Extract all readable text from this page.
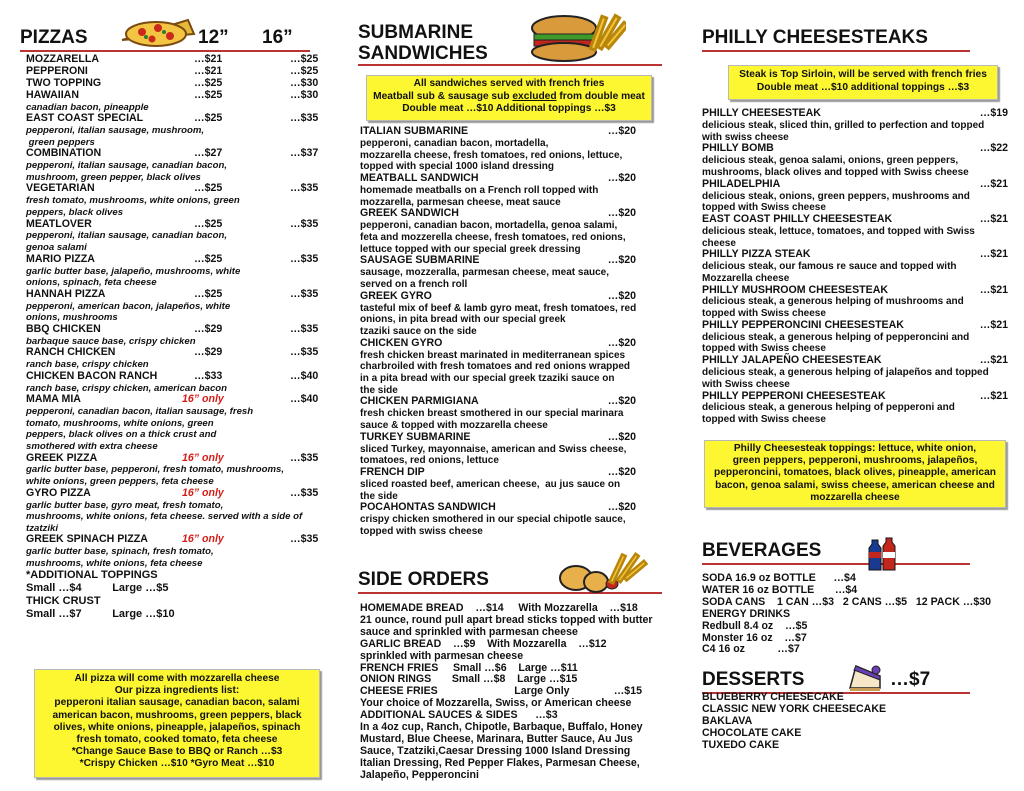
PIZZAS	12” 16”
MOZZARELLA	…$21	…$25
PEPPERONI	…$21	…$25
TWO TOPPING	…$25	…$30
HAWAIIAN	…$25	…$30
canadian bacon, pineapple
EAST COAST SPECIAL	…$25	…$35
pepperoni, italian sausage, mushroom,
green peppers
COMBINATION	…$27	…$37
pepperoni, italian sausage, canadian bacon,
mushroom, green pepper, black olives
VEGETARIAN	…$25	…$35
fresh tomato, mushrooms, white onions, green
peppers, black olives
MEATLOVER	…$25	…$35
pepperoni, italian sausage, canadian bacon,
genoa salami
MARIO PIZZA	…$25	…$35
garlic butter base, jalapeño, mushrooms, white
onions, spinach, feta cheese
HANNAH PIZZA	…$25	…$35
pepperoni, american bacon, jalapeños, white
onions, mushrooms
BBQ CHICKEN	…$29	…$35
barbaque sauce base, crispy chicken
RANCH CHICKEN	…$29	…$35
ranch base, crispy chicken
CHICKEN BACON RANCH	…$33	…$40
ranch base, crispy chicken, american bacon
MAMA MIA	16” only	…$40
pepperoni, canadian bacon, italian sausage, fresh
tomato, mushrooms, white onions, green
peppers, black olives on a thick crust and
smothered with extra cheese
GREEK PIZZA	16” only	…$35
garlic butter base, pepperoni, fresh tomato, mushrooms,
white onions, green peppers, feta cheese
GYRO PIZZA	16” only	…$35
garlic butter base, gyro meat, fresh tomato,
mushrooms, white onions, feta cheese. served with a side of
tzatziki
GREEK SPINACH PIZZA	16” only	…$35
garlic butter base, spinach, fresh tomato,
mushrooms, white onions, feta cheese
*ADDITIONAL TOPPINGS
Small …$4          Large …$5
THICK CRUST
Small …$7          Large …$10
All pizza will come with mozzarella cheese
Our pizza ingredients list:
pepperoni italian sausage, canadian bacon, salami
american bacon, mushrooms, green peppers, black
olives, white onions, pineapple, jalapeños, spinach
fresh tomato, cooked tomato, feta cheese
*Change Sauce Base to BBQ or Ranch …$3
*Crispy Chicken …$10 *Gyro Meat …$10
SUBMARINE
SANDWICHES
All sandwiches served with french fries
Meatball sub & sausage sub excluded from double meat
Double meat …$10 Additional toppings …$3
ITALIAN SUBMARINE	…$20
pepperoni, canadian bacon, mortadella,
mozzarella cheese, fresh tomatoes, red onions, lettuce,
topped with special 1000 island dressing
MEATBALL SANDWICH	…$20
homemade meatballs on a French roll topped with
mozzarella, parmesan cheese, meat sauce
GREEK SANDWICH	…$20
pepperoni, canadian bacon, mortadella, genoa salami,
feta and mozzerella cheese, fresh tomatoes, red onions,
lettuce topped with our special greek dressing
SAUSAGE SUBMARINE	…$20
sausage, mozzeralla, parmesan cheese, meat sauce,
served on a french roll
GREEK GYRO	…$20
tasteful mix of beef & lamb gyro meat, fresh tomatoes, red
onions, in pita bread with our special greek
tzaziki sauce on the side
CHICKEN GYRO	…$20
fresh chicken breast marinated in mediterranean spices
charbroiled with fresh tomatoes and red onions wrapped
in a pita bread with our special greek tzaziki sauce on
the side
CHICKEN PARMIGIANA	…$20
fresh chicken breast smothered in our special marinara
sauce & topped with mozzarella cheese
TURKEY SUBMARINE	…$20
sliced Turkey, mayonnaise, american and Swiss cheese,
tomatoes, red onions, lettuce
FRENCH DIP	…$20
sliced roasted beef, american cheese,  au jus sauce on
the side
POCAHONTAS SANDWICH	…$20
crispy chicken smothered in our special chipotle sauce,
topped with swiss cheese
SIDE ORDERS
HOMEMADE BREAD    …$14     With Mozzarella    …$18
21 ounce, round pull apart bread sticks topped with butter
sauce and sprinkled with parmesan cheese
GARLIC BREAD    …$9    With Mozzarella    …$12
sprinkled with parmesan cheese
FRENCH FRIES     Small …$6    Large …$11
ONION RINGS       Small …$8    Large …$15
CHEESE FRIES                          Large Only               …$15
Your choice of Mozzarella, Swiss, or American cheese
ADDITIONAL SAUCES & SIDES      …$3
In a 4oz cup, Ranch, Chipotle, Barbaque, Buffalo, Honey
Mustard, Blue Cheese, Marinara, Butter Sauce, Au Jus
Sauce, Tzatziki,Caesar Dressing 1000 Island Dressing
Italian Dressing, Red Pepper Flakes, Parmesan Cheese,
Jalapeño, Pepperoncini
PHILLY CHEESESTEAKS
Steak is Top Sirloin, will be served with french fries
Double meat …$10 additional toppings …$3
PHILLY CHEESESTEAK	…$19
delicious steak, sliced thin, grilled to perfection and topped
with swiss cheese
PHILLY BOMB	…$22
delicious steak, genoa salami, onions, green peppers,
mushrooms, black olives and topped with Swiss cheese
PHILADELPHIA	…$21
delicious steak, onions, green peppers, mushrooms and
topped with Swiss cheese
EAST COAST PHILLY CHEESESTEAK	…$21
delicious steak, lettuce, tomatoes, and topped with Swiss
cheese
PHILLY PIZZA STEAK	…$21
delicious steak, our famous re sauce and topped with
Mozzarella cheese
PHILLY MUSHROOM CHEESESTEAK	…$21
delicious steak, a generous helping of mushrooms and
topped with Swiss cheese
PHILLY PEPPERONCINI CHEESESTEAK	…$21
delicious steak, a generous helping of pepperoncini and
topped with Swiss cheese
PHILLY JALAPEÑO CHEESESTEAK	…$21
delicious steak, a generous helping of jalapeños and topped
with Swiss cheese
PHILLY PEPPERONI CHEESESTEAK	…$21
delicious steak, a generous helping of pepperoni and
topped with Swiss cheese
Philly Cheesesteak toppings: lettuce, white onion,
green peppers, pepperoni, mushrooms, jalapeños,
pepperoncini, tomatoes, black olives, pineapple, american
bacon, genoa salami, swiss cheese, american cheese and
mozzarella cheese
BEVERAGES
SODA 16.9 oz BOTTLE      …$4
WATER 16 oz BOTTLE       …$4
SODA CANS    1 CAN …$3   2 CANS …$5   12 PACK …$30
ENERGY DRINKS
Redbull 8.4 oz    …$5
Monster 16 oz    …$7
C4 16 oz           …$7
DESSERTS	…$7
BLUEBERRY CHEESECAKE
CLASSIC NEW YORK CHEESECAKE
BAKLAVA
CHOCOLATE CAKE
TUXEDO CAKE
